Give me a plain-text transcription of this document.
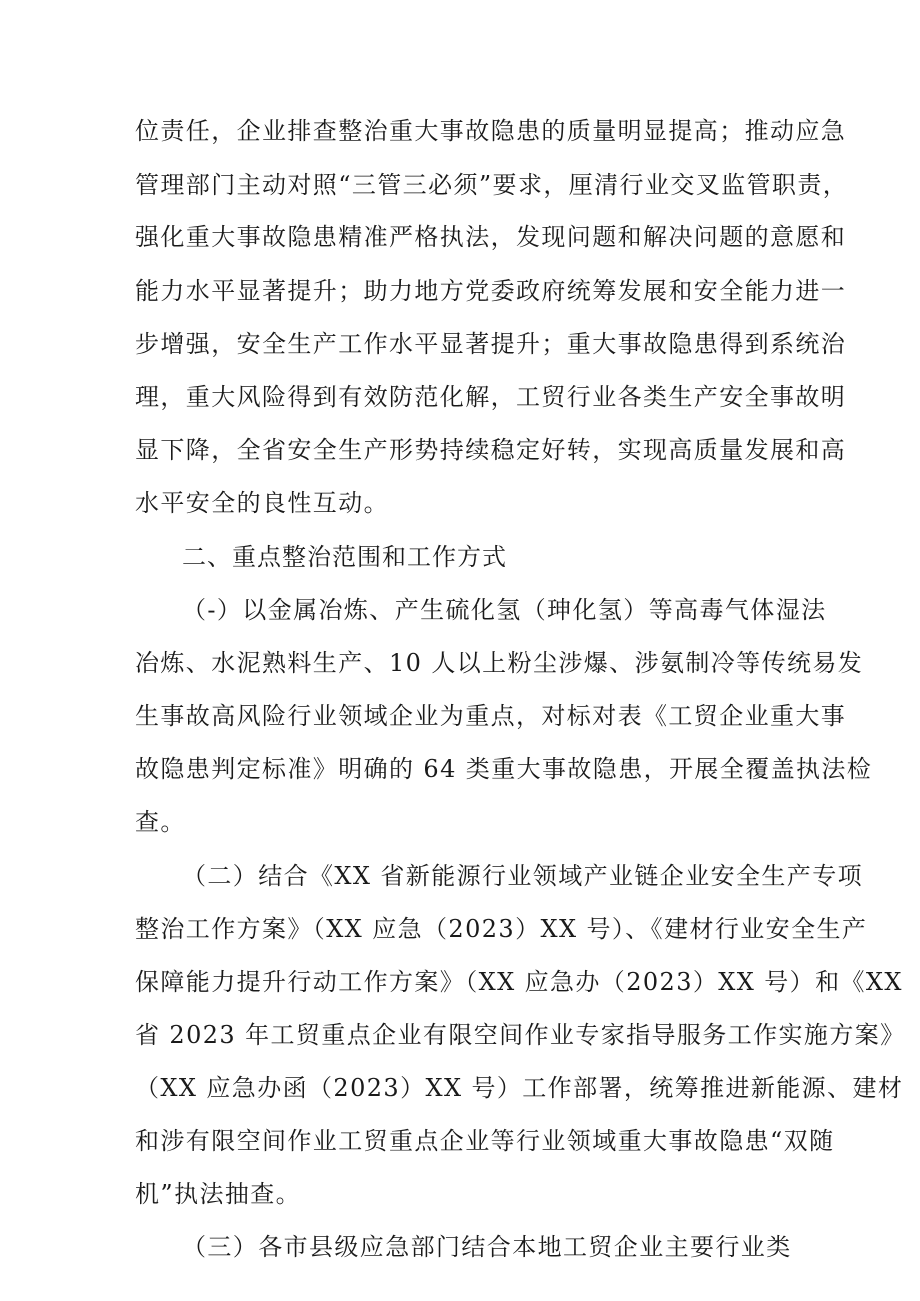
位责任，企业排查整治重大事故隐患的质量明显提高；推动应急
管理部门主动对照“三管三必须”要求，厘清行业交叉监管职责，
强化重大事故隐患精准严格执法，发现问题和解决问题的意愿和
能力水平显著提升；助力地方党委政府统筹发展和安全能力进一
步增强，安全生产工作水平显著提升；重大事故隐患得到系统治
理，重大风险得到有效防范化解，工贸行业各类生产安全事故明
显下降，全省安全生产形势持续稳定好转，实现高质量发展和高
水平安全的良性互动。
二、重点整治范围和工作方式
（-）以金属冶炼、产生硫化氢（珅化氢）等高毒气体湿法
冶炼、水泥熟料生产、10 人以上粉尘涉爆、涉氨制冷等传统易发
生事故高风险行业领域企业为重点，对标对表《工贸企业重大事
故隐患判定标准》明确的 64 类重大事故隐患，开展全覆盖执法检
查。
（二）结合《XX 省新能源行业领域产业链企业安全生产专项
整治工作方案》（XX 应急（2023）XX 号）、《建材行业安全生产
保障能力提升行动工作方案》（XX 应急办（2023）XX 号）和《XX
省 2023 年工贸重点企业有限空间作业专家指导服务工作实施方案》
（XX 应急办函（2023）XX 号）工作部署，统筹推进新能源、建材
和涉有限空间作业工贸重点企业等行业领域重大事故隐患“双随
机”执法抽查。
（三）各市县级应急部门结合本地工贸企业主要行业类
